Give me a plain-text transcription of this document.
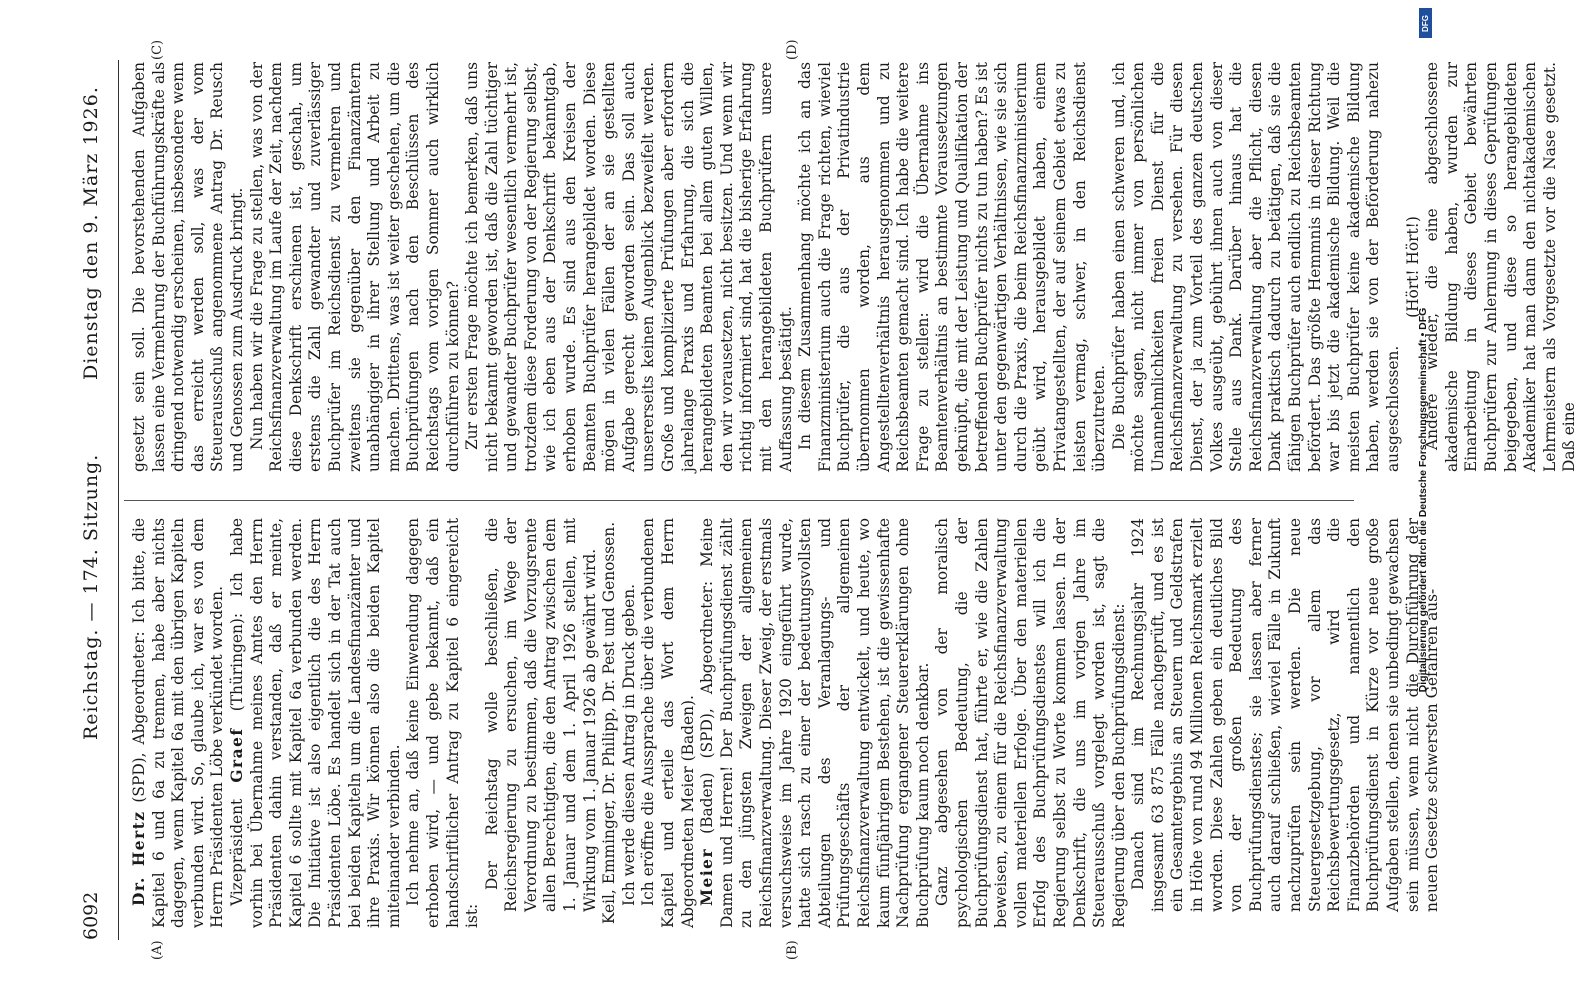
6092
Reichstag. — 174. Sitzung.
Dienstag den 9. März 1926.
(A)	(B)
(C)	(D)

Dr. Hertz (SPD), Abgeordneter: Ich bitte, die Kapitel 6 und 6a zu trennen, habe aber nichts dagegen, wenn Kapitel 6a mit den übrigen Kapiteln verbunden wird. So, glaube ich, war es von dem Herrn Präsidenten Löbe verkündet worden. Vizepräsident Graef (Thüringen): Ich habe vorhin bei Übernahme meines Amtes den Herrn Präsidenten dahin verstanden, daß er meinte, Kapitel 6 sollte mit Kapitel 6a verbunden werden. Die Initiative ist also eigentlich die des Herrn Präsidenten Löbe. Es handelt sich in der Tat auch bei beiden Kapiteln um die Landesfinanzämter und ihre Praxis. Wir können also die beiden Kapitel miteinander verbinden. Ich nehme an, daß keine Einwendung dagegen erhoben wird, — und gebe bekannt, daß ein handschriftlicher Antrag zu Kapitel 6 eingereicht ist:

Der Reichstag wolle beschließen, die Reichsregierung zu ersuchen, im Wege der Verordnung zu bestimmen, daß die Vorzugsrente allen Berechtigten, die den Antrag zwischen dem 1. Januar und dem 1. April 1926 stellen, mit Wirkung vom 1. Januar 1926 ab gewährt wird. Keil, Emminger, Dr. Philipp, Dr. Pest und Genossen. Ich werde diesen Antrag in Druck geben. Ich eröffne die Aussprache über die verbundenen Kapitel und erteile das Wort dem Herrn Abgeordneten Meier (Baden). Meier (Baden) (SPD), Abgeordneter: Meine Damen und Herren! Der Buchprüfungsdienst zählt zu den jüngsten Zweigen der allgemeinen Reichsfinanzverwaltung. Dieser Zweig, der erstmals versuchsweise im Jahre 1920 eingeführt wurde, hatte sich rasch zu einer der bedeutungsvollsten Abteilungen des Veranlagungs- und Prüfungsgeschäfts der allgemeinen Reichsfinanzverwaltung entwickelt, und heute, wo kaum fünfjährigem Bestehen, ist die gewissenhafte Nachprüfung ergangener Steuererklärungen ohne Buchprüfung kaum noch denkbar. Ganz abgesehen von der moralisch psychologischen Bedeutung, die der Buchprüfungsdienst hat, führte er, wie die Zahlen beweisen, zu einem für die Reichsfinanzverwaltung vollen materiellen Erfolge. Über den materiellen Erfolg des Buchprüfungsdienstes will ich die Regierung selbst zu Worte kommen lassen. In der Denkschrift, die uns im vorigen Jahre im Steuerausschuß vorgelegt worden ist, sagt die Regierung über den Buchprüfungsdienst: Danach sind im Rechnungsjahr 1924 insgesamt 63 875 Fälle nachgeprüft, und es ist ein Gesamtergebnis an Steuern und Geldstrafen in Höhe von rund 94 Millionen Reichsmark erzielt worden. Diese Zahlen geben ein deutliches Bild von der großen Bedeutung des Buchprüfungsdienstes; sie lassen aber ferner auch darauf schließen, wieviel Fälle in Zukunft nachzuprüfen sein werden. Die neue Steuergesetzgebung, vor allem das Reichsbewertungsgesetz, wird die Finanzbehörden und namentlich den Buchprüfungsdienst in Kürze vor neue große Aufgaben stellen, denen sie unbedingt gewachsen sein müssen, wenn nicht die Durchführung der neuen Gesetze schwersten Gefahren aus-

gesetzt sein soll. Die bevorstehenden Aufgaben lassen eine Vermehrung der Buchführungskräfte als dringend notwendig erscheinen, insbesondere wenn das erreicht werden soll, was der vom Steuerausschuß angenommene Antrag Dr. Reusch und Genossen zum Ausdruck bringt. Nun haben wir die Frage zu stellen, was von der Reichsfinanzverwaltung im Laufe der Zeit, nachdem diese Denkschrift erschienen ist, geschah, um erstens die Zahl gewandter und zuverlässiger Buchprüfer im Reichsdienst zu vermehren und zweitens sie gegenüber den Finanzämtern unabhängiger in ihrer Stellung und Arbeit zu machen. Drittens, was ist weiter geschehen, um die Buchprüfungen nach den Beschlüssen des Reichstags vom vorigen Sommer auch wirklich durchführen zu können? Zur ersten Frage möchte ich bemerken, daß uns nicht bekannt geworden ist, daß die Zahl tüchtiger und gewandter Buchprüfer wesentlich vermehrt ist, trotzdem diese Forderung von der Regierung selbst, wie ich eben aus der Denkschrift bekanntgab, erhoben wurde. Es sind aus den Kreisen der Beamten Buchprüfer herangebildet worden. Diese mögen in vielen Fällen der an sie gestellten Aufgabe gerecht geworden sein. Das soll auch unsererseits keinen Augenblick bezweifelt werden. Große und komplizierte Prüfungen aber erfordern jahrelange Praxis und Erfahrung, die sich die herangebildeten Beamten bei allem guten Willen, den wir vorausetzen, nicht besitzen. Und wenn wir richtig informiert sind, hat die bisherige Erfahrung mit den herangebildeten Buchprüfern unsere Auffassung bestätigt. In diesem Zusammenhang möchte ich an das Finanzministerium auch die Frage richten, wieviel Buchprüfer, die aus der Privatindustrie übernommen worden, aus dem Angestelltenverhältnis herausgenommen und zu Reichsbeamten gemacht sind. Ich habe die weitere Frage zu stellen: wird die Übernahme ins Beamtenverhältnis an bestimmte Voraussetzungen geknüpft, die mit der Leistung und Qualifikation der betreffenden Buchprüfer nichts zu tun haben? Es ist unter den gegenwärtigen Verhältnissen, wie sie sich durch die Praxis, die beim Reichsfinanzministerium geübt wird, herausgebildet haben, einem Privatangestellten, der auf seinem Gebiet etwas zu leisten vermag, schwer, in den Reichsdienst überzutreten. Die Buchprüfer haben einen schweren und, ich möchte sagen, nicht immer von persönlichen Unannehmlichkeiten freien Dienst für die Reichsfinanzverwaltung zu versehen. Für diesen Dienst, der ja zum Vorteil des ganzen deutschen Volkes ausgeübt, gebührt ihnen auch von dieser Stelle aus Dank. Darüber hinaus hat die Reichsfinanzverwaltung aber die Pflicht, diesen Dank praktisch dadurch zu betätigen, daß sie die fähigen Buchprüfer auch endlich zu Reichsbeamten befördert. Das größte Hemmnis in dieser Richtung war bis jetzt die akademische Bildung. Weil die meisten Buchprüfer keine akademische Bildung haben, werden sie von der Beförderung nahezu ausgeschlossen.

(Hört! Hört!) Andere wieder, die eine abgeschlossene akademische Bildung haben, wurden zur Einarbeitung in dieses Gebiet bewährten Buchprüfern zur Anlernung in dieses Geprüfungen beigegeben, und diese so herangebildeten Akademiker hat man dann den nichtakademischen Lehrmeistern als Vorgesetzte vor die Nase gesetzt. Daß eine

DFG
Digitalisierung gefördert durch die Deutsche Forschungsgemeinschaft • DFG
